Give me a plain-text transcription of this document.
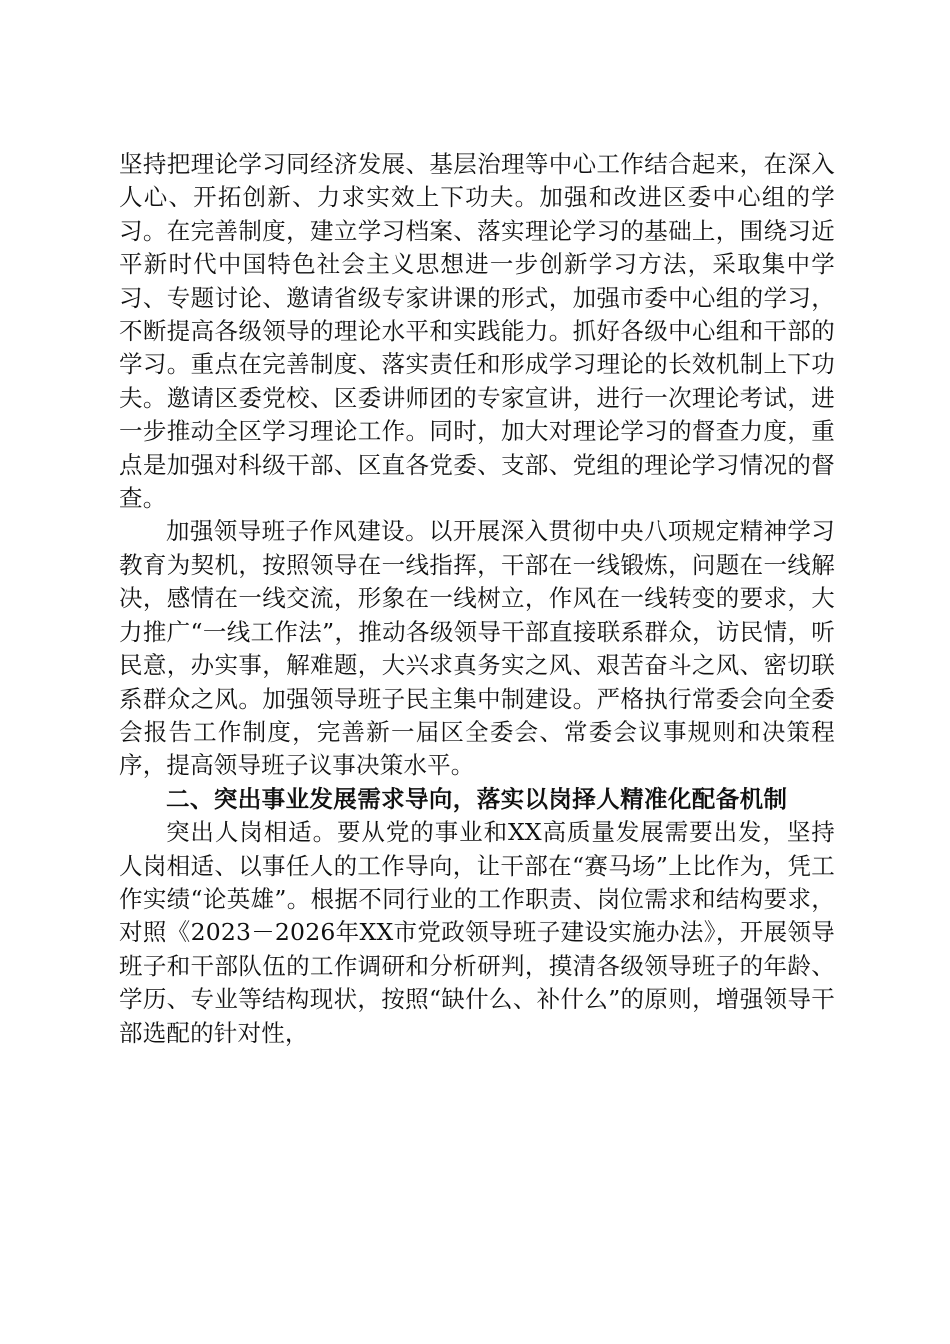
坚持把理论学习同经济发展、基层治理等中心工作结合起来，在深入人心、开拓创新、力求实效上下功夫。加强和改进区委中心组的学习。在完善制度，建立学习档案、落实理论学习的基础上，围绕习近平新时代中国特色社会主义思想进一步创新学习方法，采取集中学习、专题讨论、邀请省级专家讲课的形式，加强市委中心组的学习，不断提高各级领导的理论水平和实践能力。抓好各级中心组和干部的学习。重点在完善制度、落实责任和形成学习理论的长效机制上下功夫。邀请区委党校、区委讲师团的专家宣讲，进行一次理论考试，进一步推动全区学习理论工作。同时，加大对理论学习的督查力度，重点是加强对科级干部、区直各党委、支部、党组的理论学习情况的督查。

加强领导班子作风建设。以开展深入贯彻中央八项规定精神学习教育为契机，按照领导在一线指挥，干部在一线锻炼，问题在一线解决，感情在一线交流，形象在一线树立，作风在一线转变的要求，大力推广“一线工作法”，推动各级领导干部直接联系群众，访民情，听民意，办实事，解难题，大兴求真务实之风、艰苦奋斗之风、密切联系群众之风。加强领导班子民主集中制建设。严格执行常委会向全委会报告工作制度，完善新一届区全委会、常委会议事规则和决策程序，提高领导班子议事决策水平。

二、突出事业发展需求导向，落实以岗择人精准化配备机制

突出人岗相适。要从党的事业和XX高质量发展需要出发，坚持人岗相适、以事任人的工作导向，让干部在“赛马场”上比作为，凭工作实绩“论英雄”。根据不同行业的工作职责、岗位需求和结构要求，对照《2023－2026年XX市党政领导班子建设实施办法》，开展领导班子和干部队伍的工作调研和分析研判，摸清各级领导班子的年龄、学历、专业等结构现状，按照“缺什么、补什么”的原则，增强领导干部选配的针对性，
